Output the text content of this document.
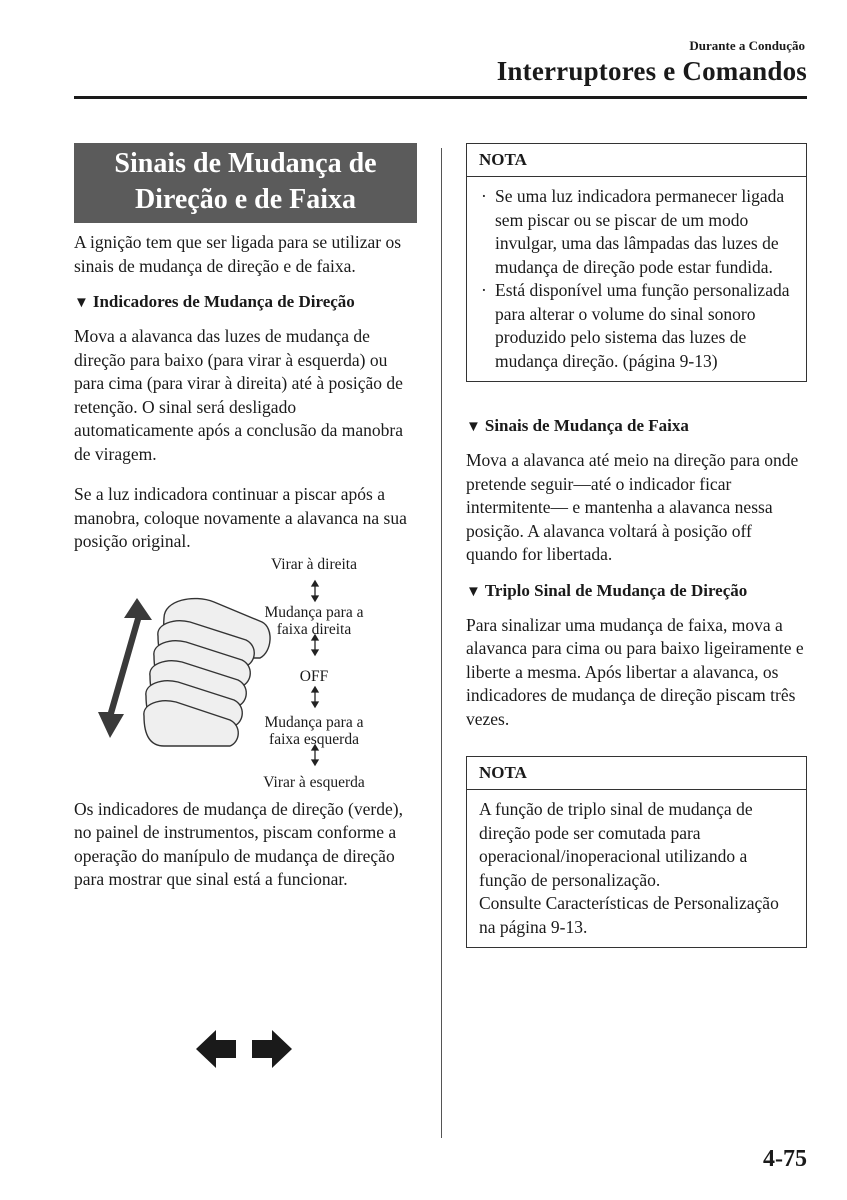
Durante a Condução
Interruptores e Comandos
Sinais de Mudança de
Direção e de Faixa

A ignição tem que ser ligada para se utilizar os sinais de mudança de direção e de faixa.

▼ Indicadores de Mudança de Direção

Mova a alavanca das luzes de mudança de direção para baixo (para virar à esquerda) ou para cima (para virar à direita) até à posição de retenção. O sinal será desligado automaticamente após a conclusão da manobra de viragem.

Se a luz indicadora continuar a piscar após a manobra, coloque novamente a alavanca na sua posição original.

Virar à direita
Mudança para a
faixa direita
OFF
Mudança para a
faixa esquerda
Virar à esquerda

Os indicadores de mudança de direção (verde), no painel de instrumentos, piscam conforme a operação do manípulo de mudança de direção para mostrar que sinal está a funcionar.

NOTA
· Se uma luz indicadora permanecer ligada sem piscar ou se piscar de um modo invulgar, uma das lâmpadas das luzes de mudança de direção pode estar fundida.
· Está disponível uma função personalizada para alterar o volume do sinal sonoro produzido pelo sistema das luzes de mudança direção. (página 9-13)
▼ Sinais de Mudança de Faixa

Mova a alavanca até meio na direção para onde pretende seguir―até o indicador ficar intermitente― e mantenha a alavanca nessa posição. A alavanca voltará à posição off quando for libertada.

▼ Triplo Sinal de Mudança de Direção

Para sinalizar uma mudança de faixa, mova a alavanca para cima ou para baixo ligeiramente e liberte a mesma. Após libertar a alavanca, os indicadores de mudança de direção piscam três vezes.

NOTA
A função de triplo sinal de mudança de direção pode ser comutada para operacional/inoperacional utilizando a função de personalização.
Consulte Características de Personalização na página 9-13.
4-75
